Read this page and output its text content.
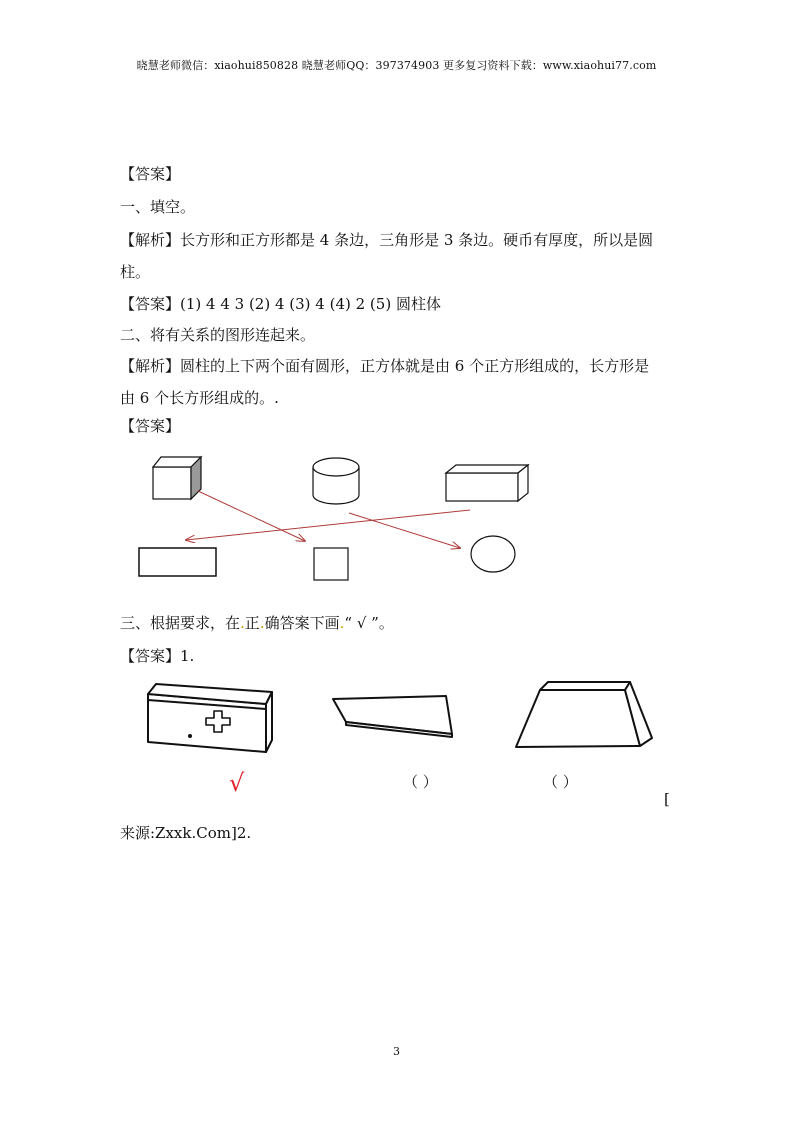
晓慧老师微信：xiaohui850828 晓慧老师QQ：397374903 更多复习资料下载：www.xiaohui77.com
【答案】
一、填空。
【解析】长方形和正方形都是 4 条边，三角形是 3 条边。硬币有厚度，所以是圆
柱。
【答案】(1) 4 4 3 (2) 4 (3) 4 (4) 2 (5) 圆柱体
二、将有关系的图形连起来。
【解析】圆柱的上下两个面有圆形，正方体就是由 6 个正方形组成的，长方形是
由 6 个长方形组成的。.
【答案】
三、根据要求，在.正.确答案下画.“ √ ”。
【答案】1.
√	（ ）	（ ）
[
来源:Zxxk.Com]2.
3
